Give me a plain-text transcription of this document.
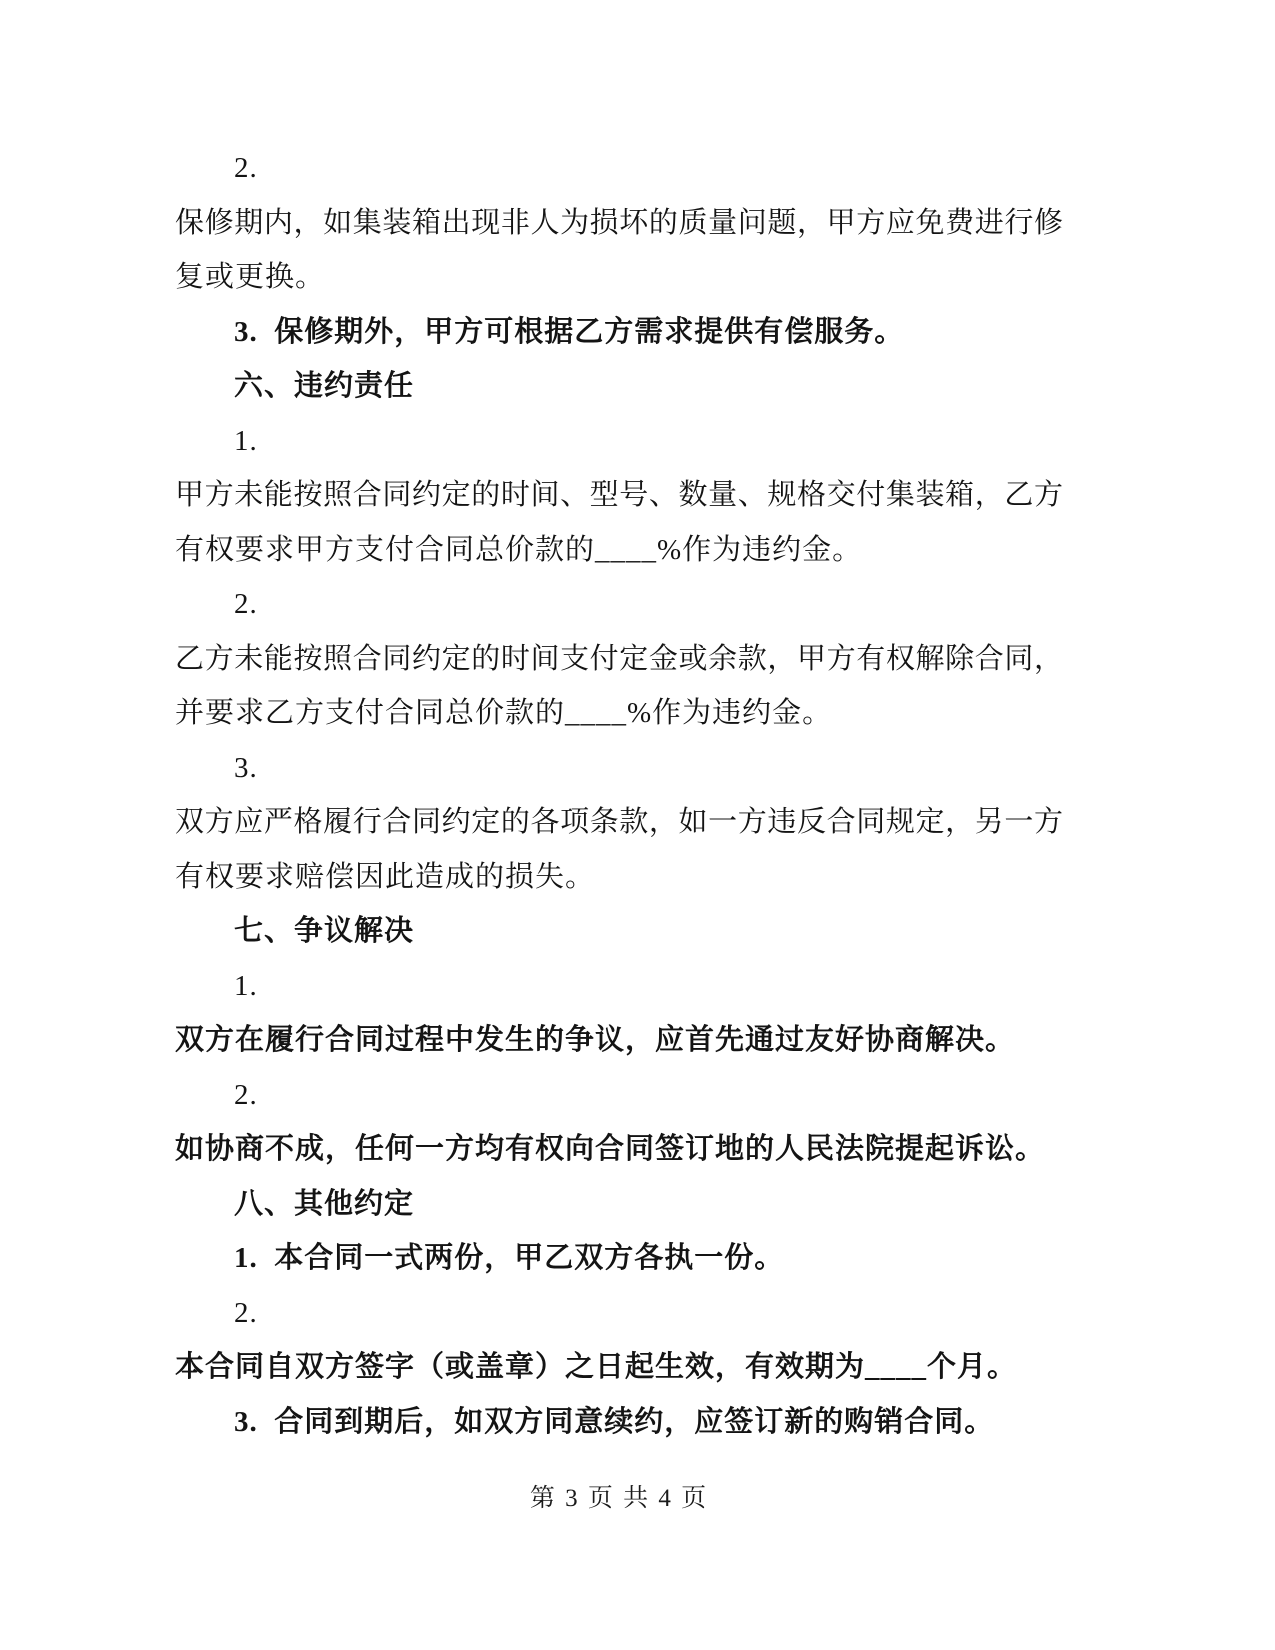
2.

保修期内，如集装箱出现非人为损坏的质量问题，甲方应免费进行修

复或更换。

3.  保修期外，甲方可根据乙方需求提供有偿服务。

六、违约责任

1.

甲方未能按照合同约定的时间、型号、数量、规格交付集装箱，乙方

有权要求甲方支付合同总价款的____%作为违约金。

2.

乙方未能按照合同约定的时间支付定金或余款，甲方有权解除合同，

并要求乙方支付合同总价款的____%作为违约金。

3.

双方应严格履行合同约定的各项条款，如一方违反合同规定，另一方

有权要求赔偿因此造成的损失。

七、争议解决

1.

双方在履行合同过程中发生的争议，应首先通过友好协商解决。

2.

如协商不成，任何一方均有权向合同签订地的人民法院提起诉讼。

八、其他约定

1.  本合同一式两份，甲乙双方各执一份。

2.

本合同自双方签字（或盖章）之日起生效，有效期为____个月。

3.  合同到期后，如双方同意续约，应签订新的购销合同。

第 3 页 共 4 页
